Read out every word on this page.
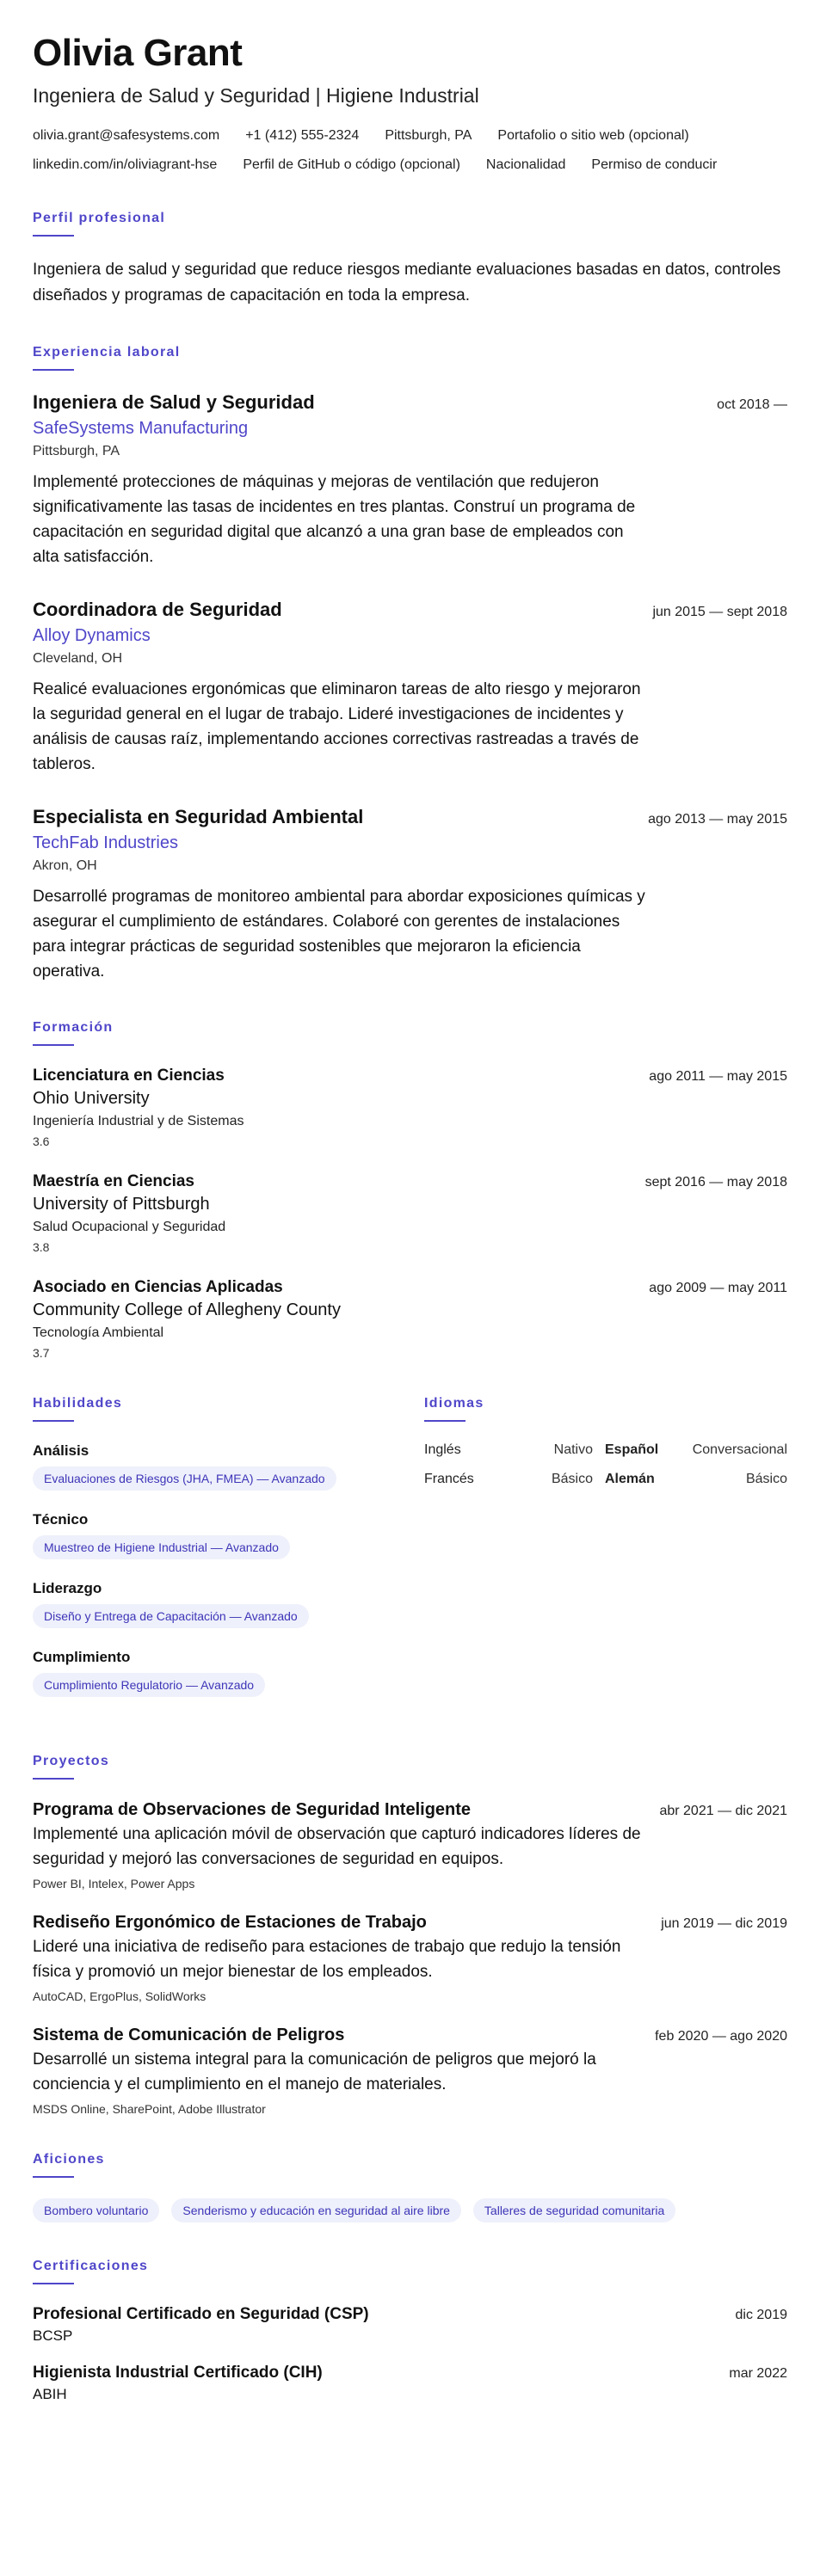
Olivia Grant
Ingeniera de Salud y Seguridad | Higiene Industrial
olivia.grant@safesystems.com +1 (412) 555-2324 Pittsburgh, PA Portafolio o sitio web (opcional)
linkedin.com/in/oliviagrant-hse Perfil de GitHub o código (opcional) Nacionalidad Permiso de conducir
Perfil profesional

Ingeniera de salud y seguridad que reduce riesgos mediante evaluaciones basadas en datos, controles diseñados y programas de capacitación en toda la empresa.

Experiencia laboral
Ingeniera de Salud y Seguridad	oct 2018 —
SafeSystems Manufacturing
Pittsburgh, PA
Implementé protecciones de máquinas y mejoras de ventilación que redujeron significativamente las tasas de incidentes en tres plantas. Construí un programa de capacitación en seguridad digital que alcanzó a una gran base de empleados con alta satisfacción.
Coordinadora de Seguridad	jun 2015 — sept 2018
Alloy Dynamics
Cleveland, OH
Realicé evaluaciones ergonómicas que eliminaron tareas de alto riesgo y mejoraron la seguridad general en el lugar de trabajo. Lideré investigaciones de incidentes y análisis de causas raíz, implementando acciones correctivas rastreadas a través de tableros.
Especialista en Seguridad Ambiental	ago 2013 — may 2015
TechFab Industries
Akron, OH
Desarrollé programas de monitoreo ambiental para abordar exposiciones químicas y asegurar el cumplimiento de estándares. Colaboré con gerentes de instalaciones para integrar prácticas de seguridad sostenibles que mejoraron la eficiencia operativa.
Formación
Licenciatura en Ciencias	ago 2011 — may 2015
Ohio University
Ingeniería Industrial y de Sistemas
3.6
Maestría en Ciencias	sept 2016 — may 2018
University of Pittsburgh
Salud Ocupacional y Seguridad
3.8
Asociado en Ciencias Aplicadas	ago 2009 — may 2011
Community College of Allegheny County
Tecnología Ambiental
3.7
Habilidades
Análisis
Evaluaciones de Riesgos (JHA, FMEA) — Avanzado
Técnico
Muestreo de Higiene Industrial — Avanzado
Liderazgo
Diseño y Entrega de Capacitación — Avanzado
Cumplimiento
Cumplimiento Regulatorio — Avanzado
Idiomas
Inglés	Nativo Español	Conversacional
Francés	Básico Alemán	Básico
Proyectos
Programa de Observaciones de Seguridad Inteligente	abr 2021 — dic 2021
Implementé una aplicación móvil de observación que capturó indicadores líderes de seguridad y mejoró las conversaciones de seguridad en equipos.
Power BI, Intelex, Power Apps
Rediseño Ergonómico de Estaciones de Trabajo	jun 2019 — dic 2019
Lideré una iniciativa de rediseño para estaciones de trabajo que redujo la tensión física y promovió un mejor bienestar de los empleados.
AutoCAD, ErgoPlus, SolidWorks
Sistema de Comunicación de Peligros	feb 2020 — ago 2020
Desarrollé un sistema integral para la comunicación de peligros que mejoró la conciencia y el cumplimiento en el manejo de materiales.
MSDS Online, SharePoint, Adobe Illustrator
Aficiones
Bombero voluntario	Senderismo y educación en seguridad al aire libre	Talleres de seguridad comunitaria
Certificaciones
Profesional Certificado en Seguridad (CSP)	dic 2019
BCSP
Higienista Industrial Certificado (CIH)	mar 2022
ABIH
